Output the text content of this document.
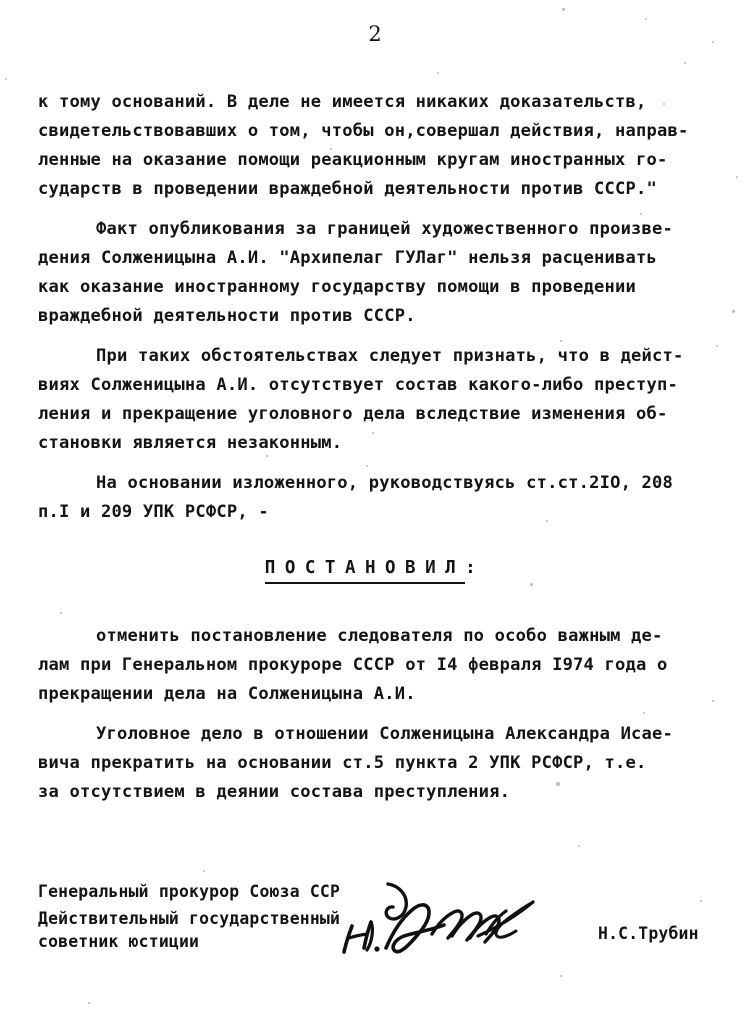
2

к тому оснований. В деле не имеется никаких доказательств,
свидетельствовавших о том, чтобы он,совершал действия, направ-
ленные на оказание помощи реакционным кругам иностранных го-
сударств в проведении враждебной деятельности против СССР."

Факт опубликования за границей художественного произве-
дения Солженицына А.И. "Архипелаг ГУЛаг" нельзя расценивать
как оказание иностранному государству помощи в проведении
враждебной деятельности против СССР.

При таких обстоятельствах следует признать, что в дейст-
виях Солженицына А.И. отсутствует состав какого-либо преступ-
ления и прекращение уголовного дела вследствие изменения об-
становки является незаконным.

На основании изложенного, руководствуясь ст.ст.2IO, 208
п.I и 209 УПК РСФСР, -

ПОСТАНОВИЛ:

отменить постановление следователя по особо важным де-
лам при Генеральном прокуроре СССР от I4 февраля I974 года о
прекращении дела на Солженицына А.И.

Уголовное дело в отношении Солженицына Александра Исае-
вича прекратить на основании ст.5 пункта 2 УПК РСФСР, т.е.
за отсутствием в деянии состава преступления.

Генеральный прокурор Союза ССР
Действительный государственный
советник юстиции	Н.С.Трубин
